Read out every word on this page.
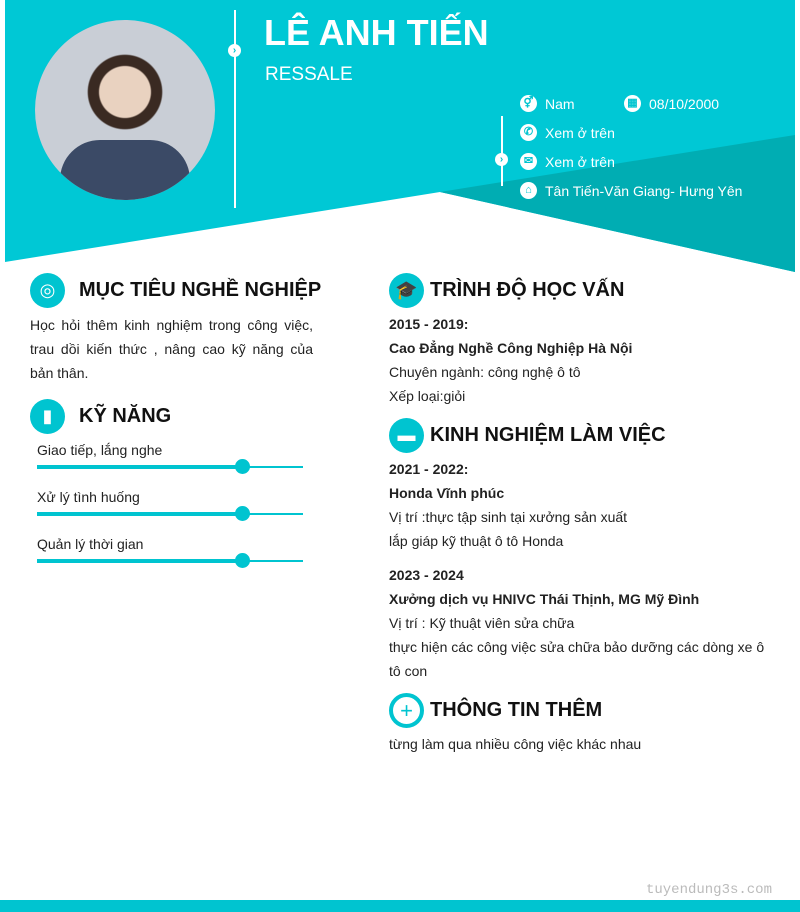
› LÊ ANH TIẾN
RESSALE
›
⚥ Nam	▦ 08/10/2000
✆ Xem ở trên
✉ Xem ở trên
⌂ Tân Tiến-Văn Giang- Hưng Yên
◎	MỤC TIÊU NGHỀ NGHIỆP
Học hỏi thêm kinh nghiệm trong công việc, trau dồi kiến thức , nâng cao kỹ năng của bản thân.
▮	KỸ NĂNG
Giao tiếp, lắng nghe
Xử lý tình huống
Quản lý thời gian
🎓 TRÌNH ĐỘ HỌC VẤN
2015 - 2019:
Cao Đẳng Nghề Công Nghiệp Hà Nội
Chuyên ngành: công nghệ ô tô
Xếp loại:giỏi
▬ KINH NGHIỆM LÀM VIỆC
2021 - 2022:
Honda Vĩnh phúc
Vị trí :thực tập sinh tại xưởng sản xuất
lắp giáp kỹ thuật ô tô Honda
2023 - 2024
Xưởng dịch vụ HNIVC Thái Thịnh, MG Mỹ Đình
Vị trí : Kỹ thuật viên sửa chữa
thực hiện các công việc sửa chữa bảo dưỡng các dòng xe ô tô con
+ THÔNG TIN THÊM
từng làm qua nhiều công việc khác nhau
tuyendung3s.com
